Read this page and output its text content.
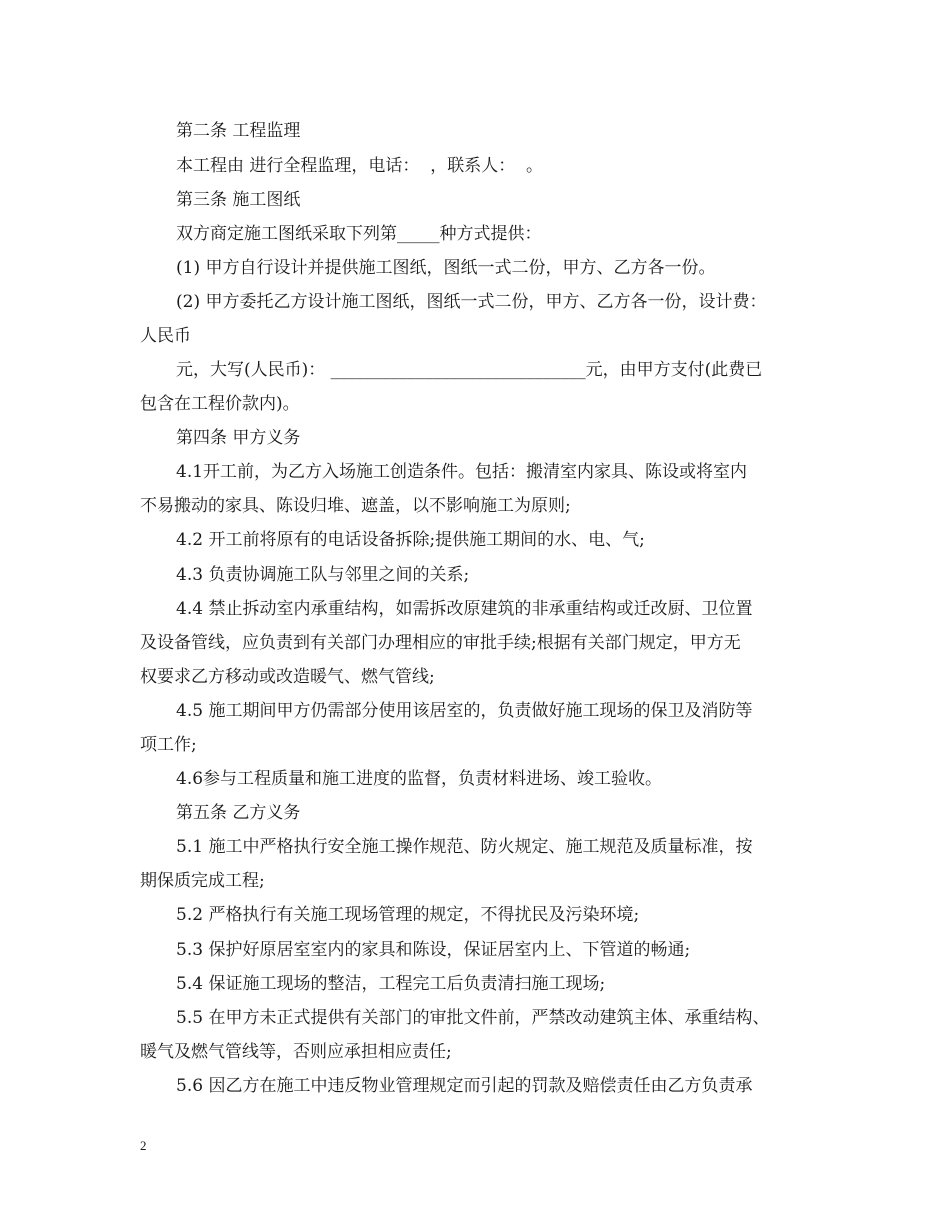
第二条 工程监理
本工程由 进行全程监理，电话：  ，联系人：  。
第三条 施工图纸
双方商定施工图纸采取下列第_____种方式提供：
(1) 甲方自行设计并提供施工图纸，图纸一式二份，甲方、乙方各一份。
(2) 甲方委托乙方设计施工图纸，图纸一式二份，甲方、乙方各一份，设计费：
人民币
元，大写(人民币)： ______________________________元，由甲方支付(此费已
包含在工程价款内)。
第四条 甲方义务
4.1开工前，为乙方入场施工创造条件。包括：搬清室内家具、陈设或将室内
不易搬动的家具、陈设归堆、遮盖，以不影响施工为原则;
4.2 开工前将原有的电话设备拆除;提供施工期间的水、电、气;
4.3 负责协调施工队与邻里之间的关系;
4.4 禁止拆动室内承重结构，如需拆改原建筑的非承重结构或迁改厨、卫位置
及设备管线，应负责到有关部门办理相应的审批手续;根据有关部门规定，甲方无
权要求乙方移动或改造暖气、燃气管线;
4.5 施工期间甲方仍需部分使用该居室的，负责做好施工现场的保卫及消防等
项工作;
4.6参与工程质量和施工进度的监督，负责材料进场、竣工验收。
第五条 乙方义务
5.1 施工中严格执行安全施工操作规范、防火规定、施工规范及质量标准，按
期保质完成工程;
5.2 严格执行有关施工现场管理的规定，不得扰民及污染环境;
5.3 保护好原居室室内的家具和陈设，保证居室内上、下管道的畅通;
5.4 保证施工现场的整洁，工程完工后负责清扫施工现场;
5.5 在甲方未正式提供有关部门的审批文件前，严禁改动建筑主体、承重结构、
暖气及燃气管线等，否则应承担相应责任;
5.6 因乙方在施工中违反物业管理规定而引起的罚款及赔偿责任由乙方负责承
2
